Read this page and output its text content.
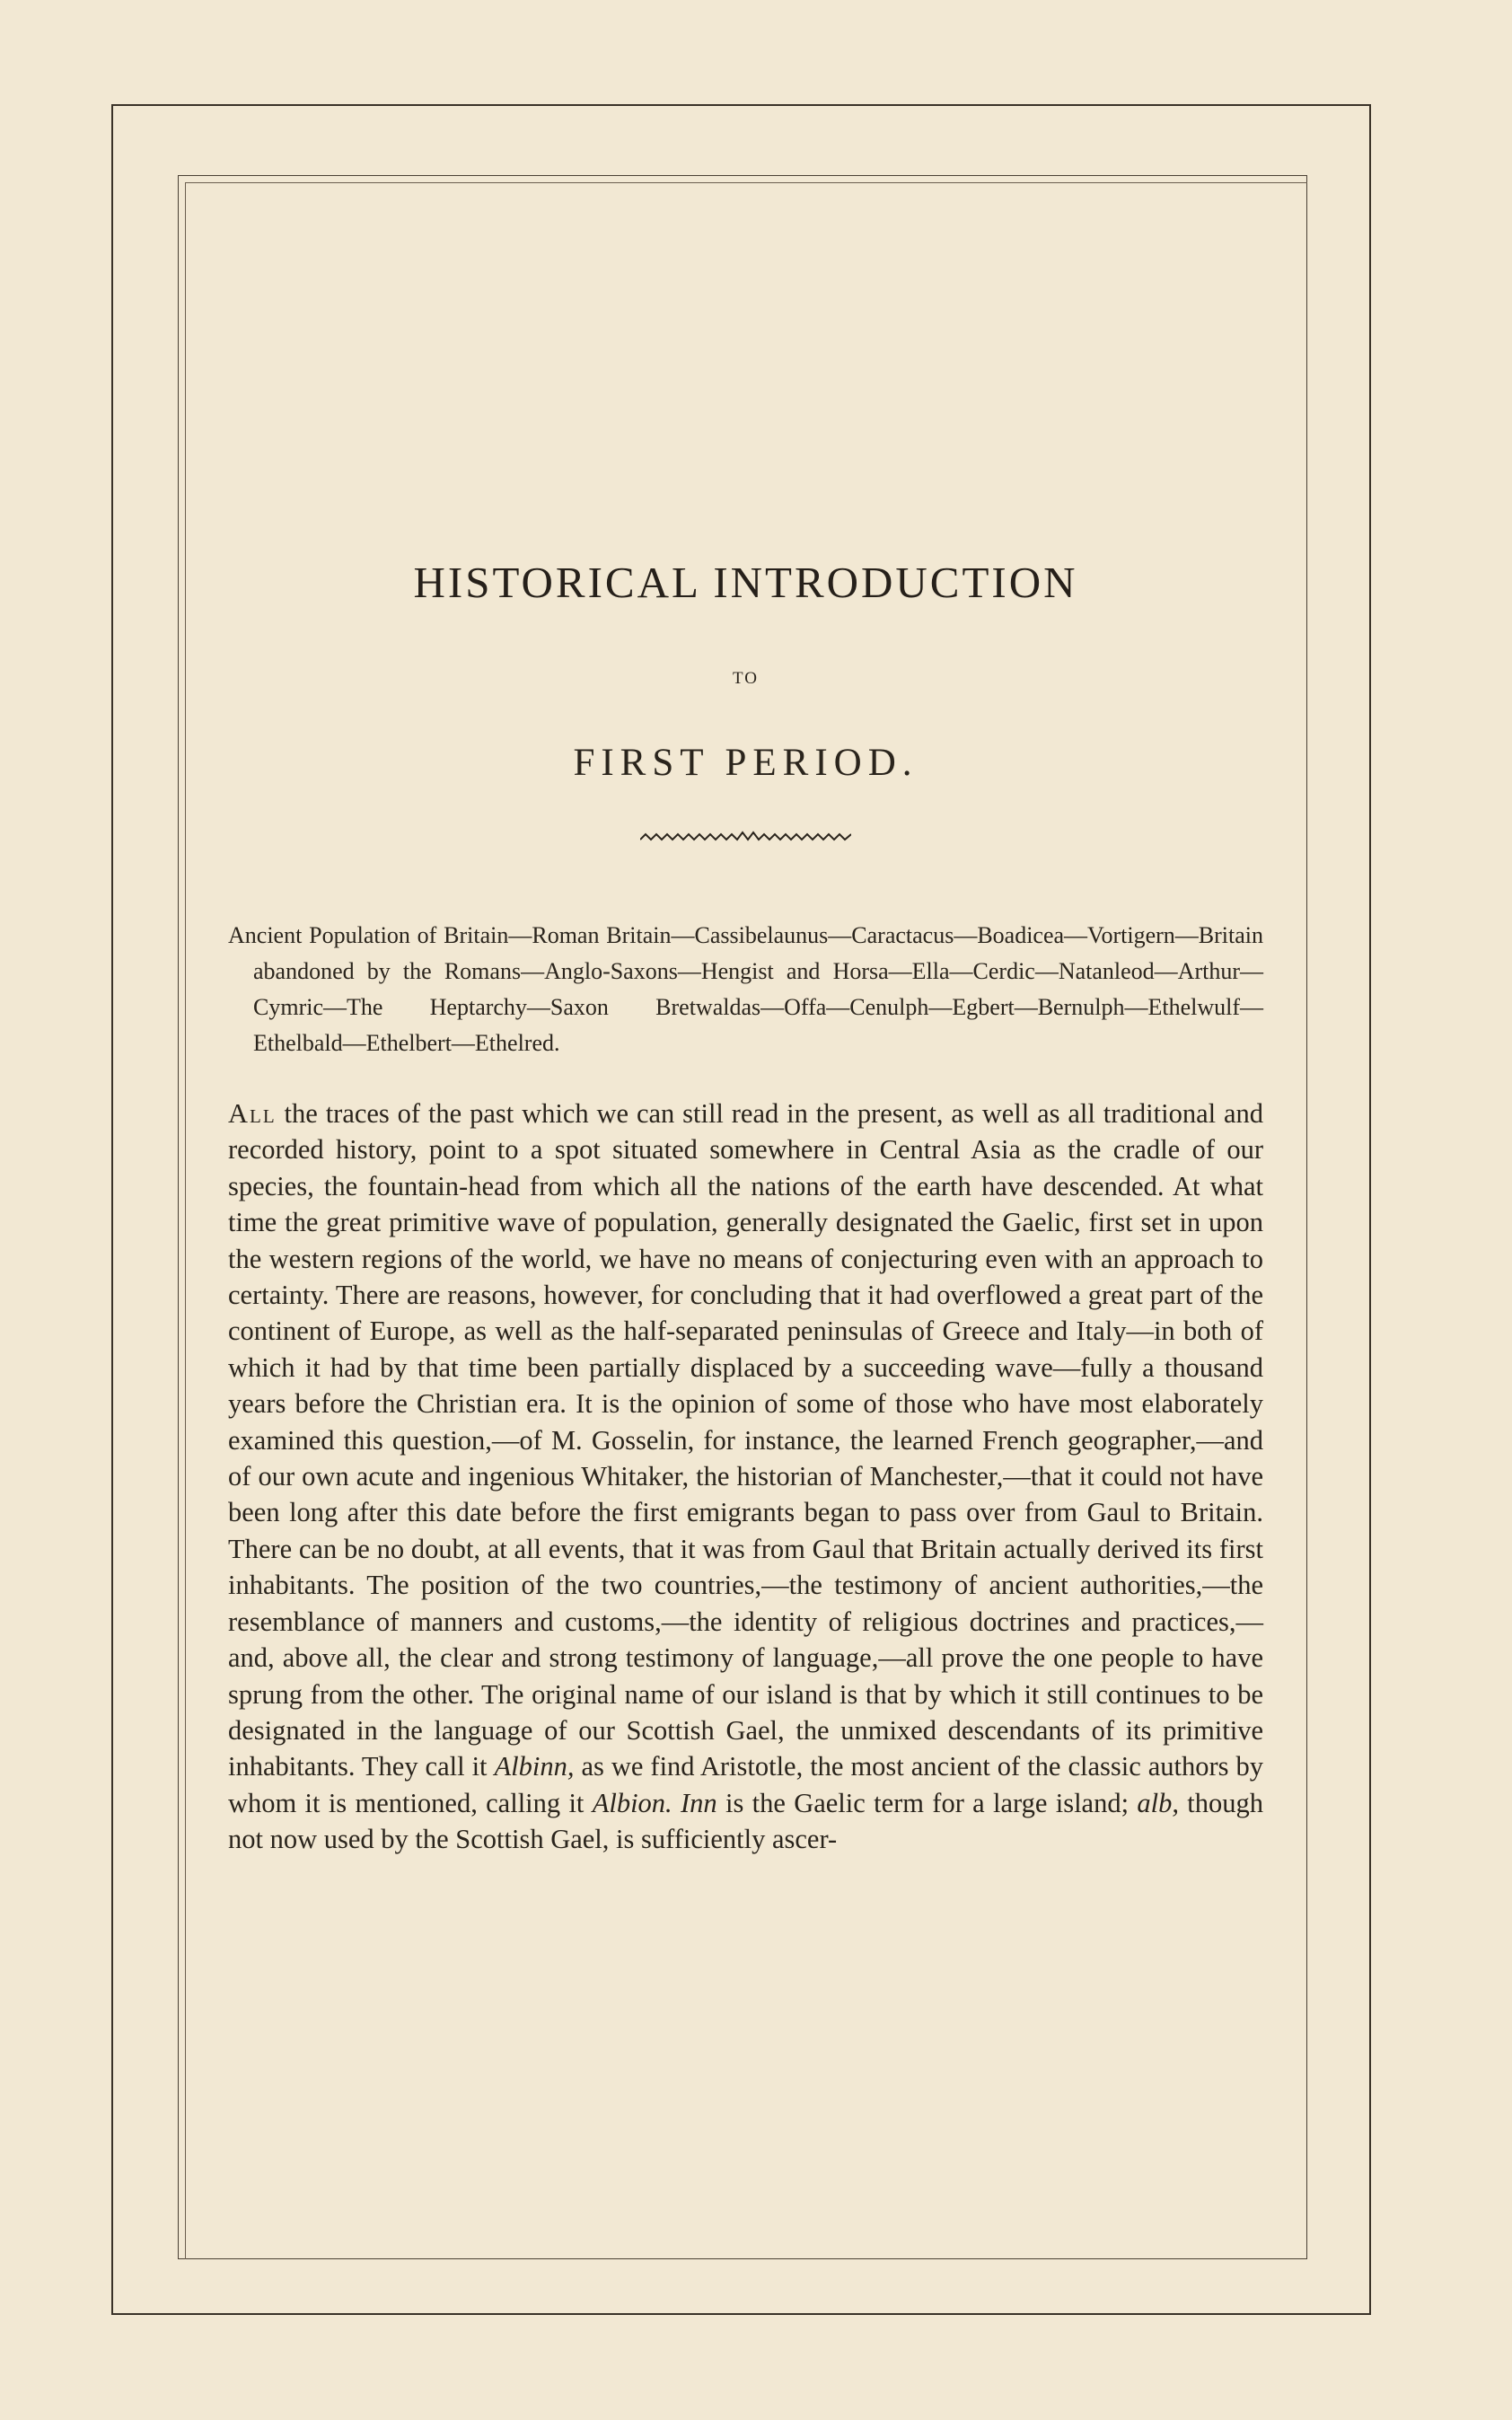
HISTORICAL INTRODUCTION
TO
FIRST PERIOD.

Ancient Population of Britain—Roman Britain—Cassibelaunus—Caractacus—Boadicea—Vortigern—Britain abandoned by the Romans—Anglo-Saxons—Hengist and Horsa—Ella—Cerdic—Natanleod—Arthur—Cymric—The Heptarchy—Saxon Bretwaldas—Offa—Cenulph—Egbert—Bernulph—Ethelwulf—Ethelbald—Ethelbert—Ethelred.

All the traces of the past which we can still read in the present, as well as all traditional and recorded history, point to a spot situated somewhere in Central Asia as the cradle of our species, the fountain-head from which all the nations of the earth have descended. At what time the great primitive wave of population, generally designated the Gaelic, first set in upon the western regions of the world, we have no means of conjecturing even with an approach to certainty. There are reasons, however, for concluding that it had overflowed a great part of the continent of Europe, as well as the half-separated peninsulas of Greece and Italy—in both of which it had by that time been partially displaced by a succeeding wave—fully a thousand years before the Christian era. It is the opinion of some of those who have most elaborately examined this question,—of M. Gosselin, for instance, the learned French geographer,—and of our own acute and ingenious Whitaker, the historian of Manchester,—that it could not have been long after this date before the first emigrants began to pass over from Gaul to Britain. There can be no doubt, at all events, that it was from Gaul that Britain actually derived its first inhabitants. The position of the two countries,—the testimony of ancient authorities,—the resemblance of manners and customs,—the identity of religious doctrines and practices,—and, above all, the clear and strong testimony of language,—all prove the one people to have sprung from the other. The original name of our island is that by which it still continues to be designated in the language of our Scottish Gael, the unmixed descendants of its primitive inhabitants. They call it Albinn, as we find Aristotle, the most ancient of the classic authors by whom it is mentioned, calling it Albion. Inn is the Gaelic term for a large island; alb, though not now used by the Scottish Gael, is sufficiently ascer-
